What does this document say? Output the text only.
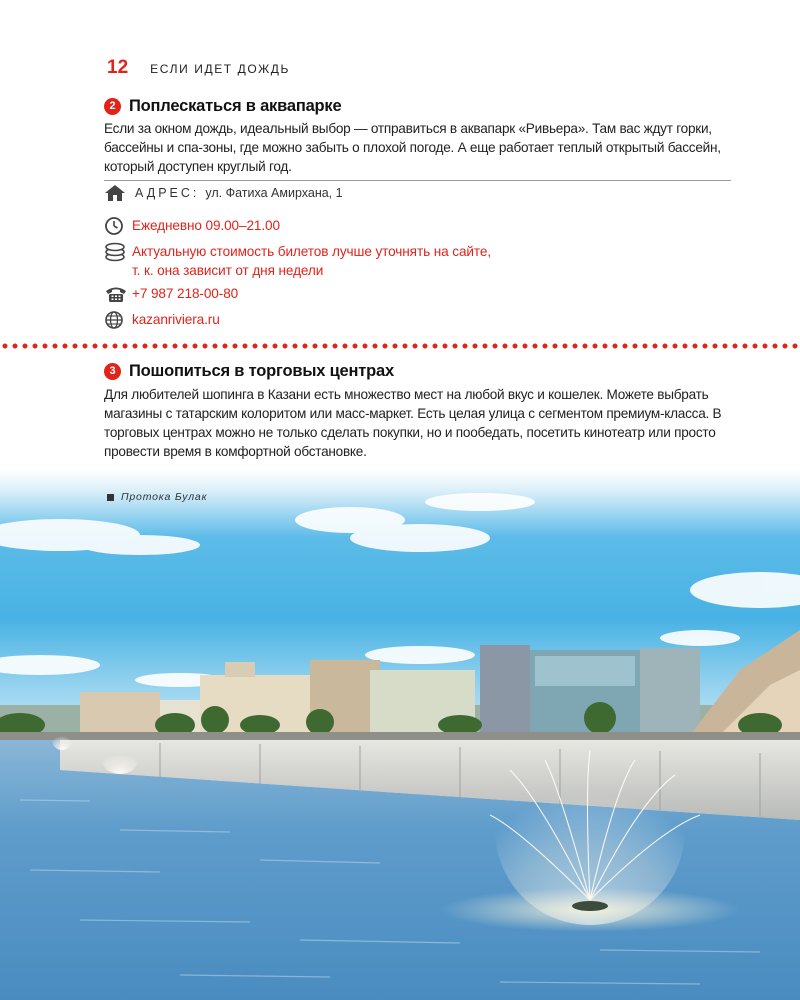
12 ЕСЛИ ИДЕТ ДОЖДЬ
2 Поплескаться в аквапарке

Если за окном дождь, идеальный выбор — отправиться в аквапарк «Ривьера». Там вас ждут горки, бассейны и спа-зоны, где можно забыть о плохой погоде. А еще работает теплый открытый бассейн, который доступен круглый год.

АДРЕС: ул. Фатиха Амирхана, 1
Ежедневно 09.00–21.00
Актуальную стоимость билетов лучше уточнять на сайте,
т. к. она зависит от дня недели
+7 987 218-00-80
kazanriviera.ru
3 Пошопиться в торговых центрах

Для любителей шопинга в Казани есть множество мест на любой вкус и кошелек. Можете выбрать магазины с татарским колоритом или масс-маркет. Есть целая улица с сегментом премиум-класса. В торговых центрах можно не только сделать покупки, но и пообедать, посетить кинотеатр или просто провести время в комфортной обстановке.

Протока Булак
